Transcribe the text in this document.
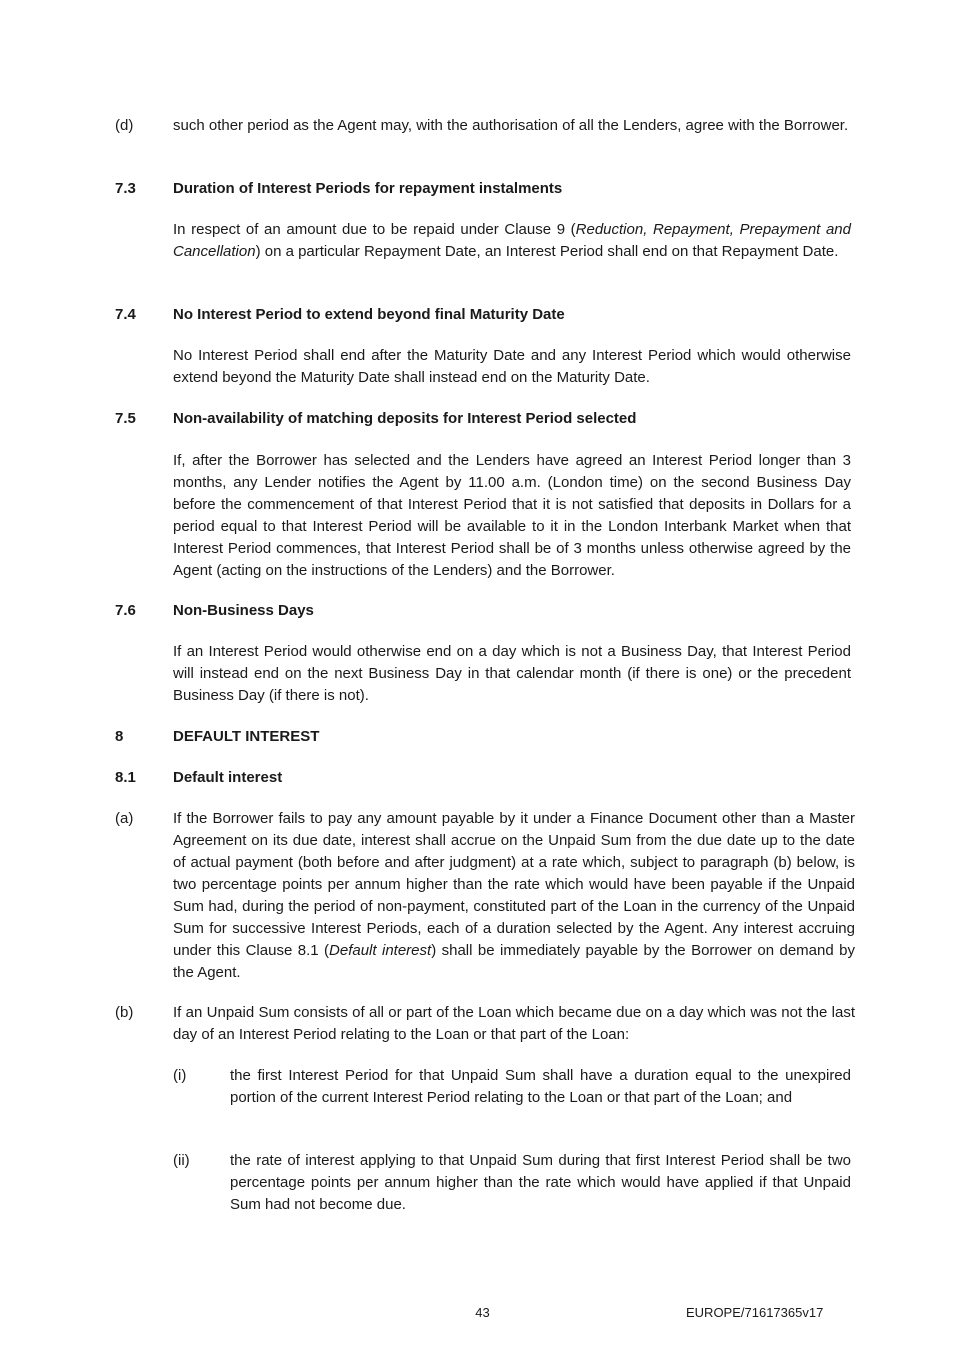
(d)	such other period as the Agent may, with the authorisation of all the Lenders, agree with the Borrower.
7.3 Duration of Interest Periods for repayment instalments
In respect of an amount due to be repaid under Clause 9 (Reduction, Repayment, Prepayment and Cancellation) on a particular Repayment Date, an Interest Period shall end on that Repayment Date.
7.4 No Interest Period to extend beyond final Maturity Date
No Interest Period shall end after the Maturity Date and any Interest Period which would otherwise extend beyond the Maturity Date shall instead end on the Maturity Date.
7.5 Non-availability of matching deposits for Interest Period selected
If, after the Borrower has selected and the Lenders have agreed an Interest Period longer than 3 months, any Lender notifies the Agent by 11.00 a.m. (London time) on the second Business Day before the commencement of that Interest Period that it is not satisfied that deposits in Dollars for a period equal to that Interest Period will be available to it in the London Interbank Market when that Interest Period commences, that Interest Period shall be of 3 months unless otherwise agreed by the Agent (acting on the instructions of the Lenders) and the Borrower.
7.6 Non-Business Days
If an Interest Period would otherwise end on a day which is not a Business Day, that Interest Period will instead end on the next Business Day in that calendar month (if there is one) or the precedent Business Day (if there is not).
8	DEFAULT INTEREST
8.1 Default interest
(a)	If the Borrower fails to pay any amount payable by it under a Finance Document other than a Master Agreement on its due date, interest shall accrue on the Unpaid Sum from the due date up to the date of actual payment (both before and after judgment) at a rate which, subject to paragraph (b) below, is two percentage points per annum higher than the rate which would have been payable if the Unpaid Sum had, during the period of non-payment, constituted part of the Loan in the currency of the Unpaid Sum for successive Interest Periods, each of a duration selected by the Agent. Any interest accruing under this Clause 8.1 (Default interest) shall be immediately payable by the Borrower on demand by the Agent.
(b)	If an Unpaid Sum consists of all or part of the Loan which became due on a day which was not the last day of an Interest Period relating to the Loan or that part of the Loan:
(i)	the first Interest Period for that Unpaid Sum shall have a duration equal to the unexpired portion of the current Interest Period relating to the Loan or that part of the Loan; and
(ii)	the rate of interest applying to that Unpaid Sum during that first Interest Period shall be two percentage points per annum higher than the rate which would have applied if that Unpaid Sum had not become due.
43	EUROPE/71617365v17
